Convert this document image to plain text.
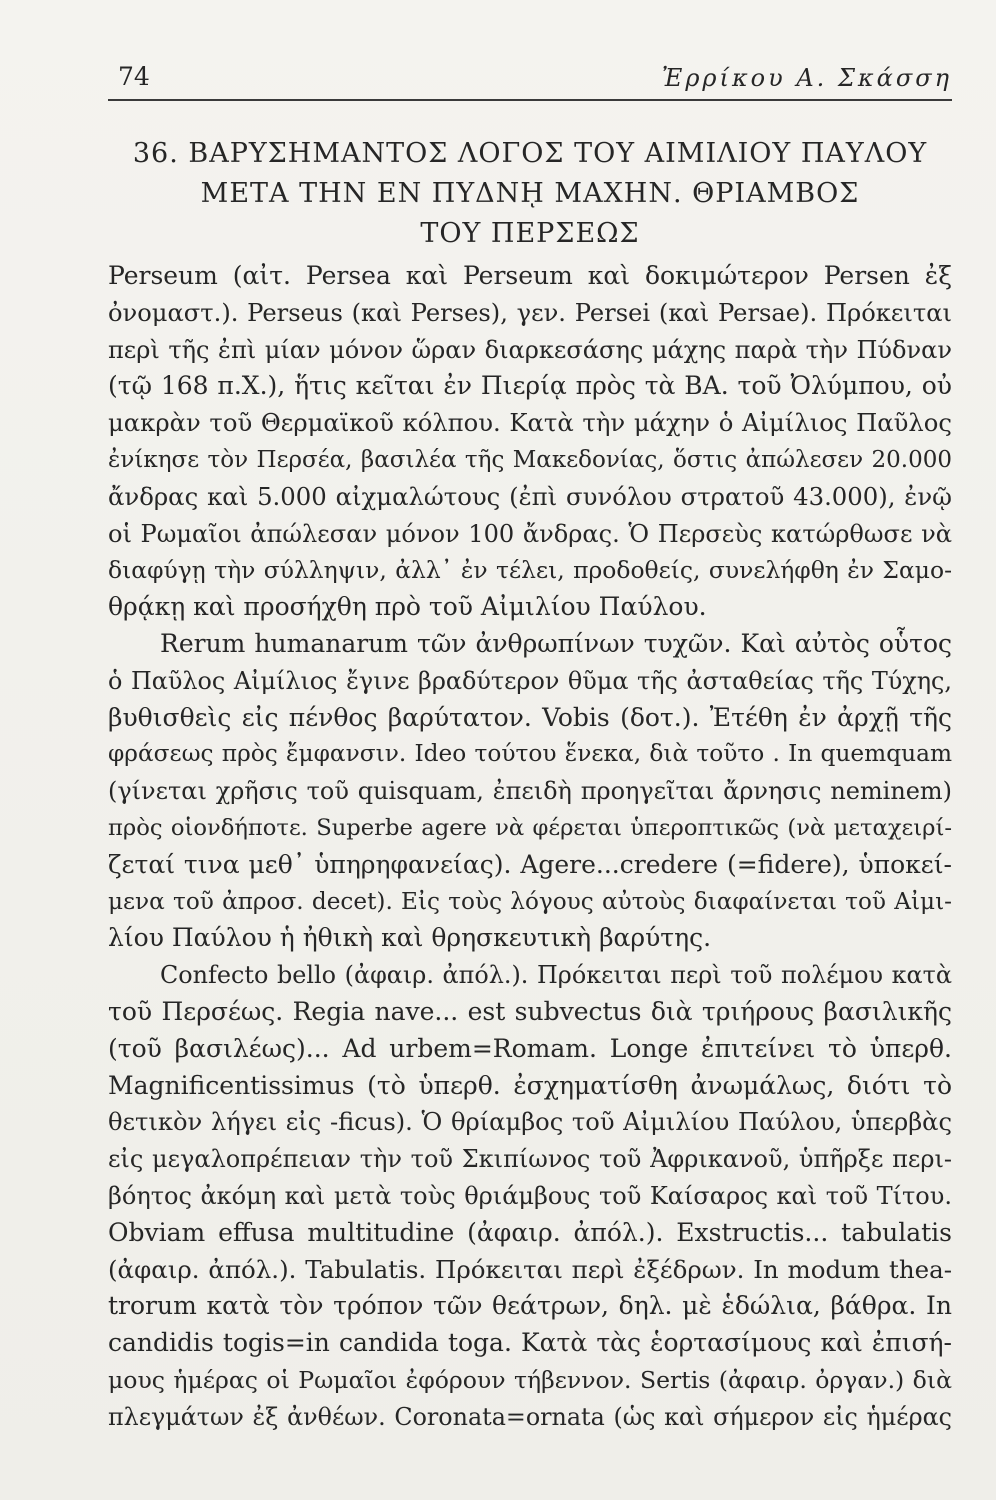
74	Ἐρρίκου Α. Σκάσση
36. ΒΑΡΥΣΗΜΑΝΤΟΣ ΛΟΓΟΣ ΤΟΥ ΑΙΜΙΛΙΟΥ ΠΑΥΛΟΥ
ΜΕΤΑ ΤΗΝ ΕΝ ΠΥΔΝῌ ΜΑΧΗΝ. ΘΡΙΑΜΒΟΣ
ΤΟΥ ΠΕΡΣΕΩΣ
Perseum (αἰτ. Persea καὶ Perseum καὶ δοκιμώτερον Persen ἐξ
ὀνομαστ.). Perseus (καὶ Perses), γεν. Persei (καὶ Persae). Πρόκειται
περὶ τῆς ἐπὶ μίαν μόνον ὥραν διαρκεσάσης μάχης παρὰ τὴν Πύδναν
(τῷ 168 π.Χ.), ἥτις κεῖται ἐν Πιερίᾳ πρὸς τὰ ΒΑ. τοῦ Ὀλύμπου, οὐ
μακρὰν τοῦ Θερμαϊκοῦ κόλπου. Κατὰ τὴν μάχην ὁ Αἰμίλιος Παῦλος
ἐνίκησε τὸν Περσέα, βασιλέα τῆς Μακεδονίας, ὅστις ἀπώλεσεν 20.000
ἄνδρας καὶ 5.000 αἰχμαλώτους (ἐπὶ συνόλου στρατοῦ 43.000), ἐνῷ
οἱ Ρωμαῖοι ἀπώλεσαν μόνον 100 ἄνδρας. Ὁ Περσεὺς κατώρθωσε νὰ
διαφύγῃ τὴν σύλληψιν, ἀλλ᾽ ἐν τέλει, προδοθείς, συνελήφθη ἐν Σαμο-
θρᾴκῃ καὶ προσήχθη πρὸ τοῦ Αἰμιλίου Παύλου.
Rerum humanarum τῶν ἀνθρωπίνων τυχῶν. Καὶ αὐτὸς οὗτος
ὁ Παῦλος Αἰμίλιος ἔγινε βραδύτερον θῦμα τῆς ἀσταθείας τῆς Τύχης,
βυθισθεὶς εἰς πένθος βαρύτατον. Vobis (δοτ.). Ἐτέθη ἐν ἀρχῇ τῆς
φράσεως πρὸς ἔμφανσιν. Ideo τούτου ἕνεκα, διὰ τοῦτο . In quemquam
(γίνεται χρῆσις τοῦ quisquam, ἐπειδὴ προηγεῖται ἄρνησις neminem)
πρὸς οἱονδήποτε. Superbe agere νὰ φέρεται ὑπεροπτικῶς (νὰ μεταχειρί-
ζεταί τινα μεθ᾽ ὑπηρηφανείας). Agere...credere (=fidere), ὑποκεί-
μενα τοῦ ἀπροσ. decet). Εἰς τοὺς λόγους αὐτοὺς διαφαίνεται τοῦ Αἰμι-
λίου Παύλου ἡ ἠθικὴ καὶ θρησκευτικὴ βαρύτης.
Confecto bello (ἀφαιρ. ἀπόλ.). Πρόκειται περὶ τοῦ πολέμου κατὰ
τοῦ Περσέως. Regia nave... est subvectus διὰ τριήρους βασιλικῆς
(τοῦ βασιλέως)... Ad urbem=Romam. Longe ἐπιτείνει τὸ ὑπερθ.
Magnificentissimus (τὸ ὑπερθ. ἐσχηματίσθη ἀνωμάλως, διότι τὸ
θετικὸν λήγει εἰς -ficus). Ὁ θρίαμβος τοῦ Αἰμιλίου Παύλου, ὑπερβὰς
εἰς μεγαλοπρέπειαν τὴν τοῦ Σκιπίωνος τοῦ Ἀφρικανοῦ, ὑπῆρξε περι-
βόητος ἀκόμη καὶ μετὰ τοὺς θριάμβους τοῦ Καίσαρος καὶ τοῦ Τίτου.
Obviam effusa multitudine (ἀφαιρ. ἀπόλ.). Exstructis... tabulatis
(ἀφαιρ. ἀπόλ.). Tabulatis. Πρόκειται περὶ ἐξέδρων. In modum thea-
trorum κατὰ τὸν τρόπον τῶν θεάτρων, δηλ. μὲ ἑδώλια, βάθρα. In
candidis togis=in candida toga. Κατὰ τὰς ἑορτασίμους καὶ ἐπισή-
μους ἡμέρας οἱ Ρωμαῖοι ἐφόρουν τήβεννον. Sertis (ἀφαιρ. ὀργαν.) διὰ
πλεγμάτων ἐξ ἀνθέων. Coronata=ornata (ὡς καὶ σήμερον εἰς ἡμέρας
